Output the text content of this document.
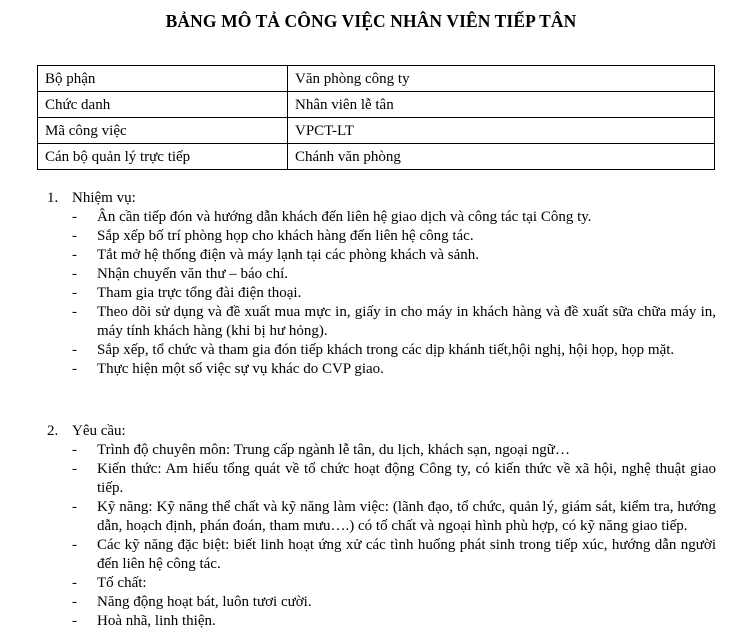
BẢNG MÔ TẢ CÔNG VIỆC NHÂN VIÊN TIẾP TÂN
Bộ phận	Văn phòng công ty
Chức danh	Nhân viên lễ tân
Mã công việc	VPCT-LT
Cán bộ quản lý trực tiếp	Chánh văn phòng
1. Nhiệm vụ:
- Ân cần tiếp đón và hướng dẫn khách đến liên hệ giao dịch và công tác tại Công ty.
- Sắp xếp bố trí phòng họp cho khách hàng đến liên hệ công tác.
- Tắt mở hệ thống điện và máy lạnh tại các phòng khách và sảnh.
- Nhận chuyển văn thư – báo chí.
- Tham gia trực tổng đài điện thoại.
- Theo dõi sử dụng và đề xuất mua mực in, giấy in cho máy in khách hàng và đề xuất sữa chữa máy in, máy tính khách hàng (khi bị hư hỏng).
- Sắp xếp, tổ chức và tham gia đón tiếp khách trong các dịp khánh tiết,hội nghị, hội họp, họp mặt.
- Thực hiện một số việc sự vụ khác do CVP giao.
2. Yêu cầu:
- Trình độ chuyên môn: Trung cấp ngành lễ tân, du lịch, khách sạn, ngoại ngữ…
- Kiến thức: Am hiểu tổng quát về tổ chức hoạt động Công ty, có kiến thức về xã hội, nghệ thuật giao tiếp.
- Kỹ năng: Kỹ năng thể chất và kỹ năng làm việc: (lãnh đạo, tổ chức, quản lý, giám sát, kiểm tra, hướng dẫn, hoạch định, phán đoán, tham mưu….) có tố chất và ngoại hình phù hợp, có kỹ năng giao tiếp.
- Các kỹ năng đặc biệt: biết linh hoạt ứng xử các tình huống phát sinh trong tiếp xúc, hướng dẫn người đến liên hệ công tác.
- Tố chất:
- Năng động hoạt bát, luôn tươi cười.
- Hoà nhã, linh thiện.
